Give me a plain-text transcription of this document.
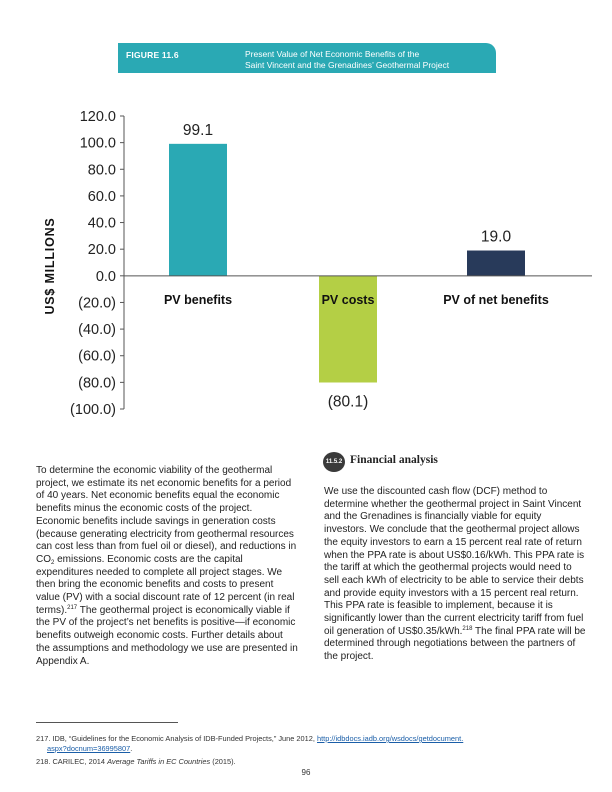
FIGURE 11.6	Present Value of Net Economic Benefits of the
Saint Vincent and the Grenadines’ Geothermal Project
120.0
100.0
80.0
60.0
40.0
20.0
0.0
(20.0)
(40.0)
(60.0)
(80.0)
(100.0)
99.1
(80.1)
19.0
PV benefits	PV costs	PV of net benefits
US$ MILLIONS
To determine the economic viability of the geothermal project, we estimate its net economic benefits for a period of 40 years. Net economic benefits equal the economic benefits minus the economic costs of the project. Economic benefits include savings in generation costs (because generating electricity from geothermal resources can cost less than from fuel oil or diesel), and reductions in $CO_2$ emissions. Economic costs are the capital expenditures needed to complete all project stages. We then bring the economic benefits and costs to present value (PV) with a social discount rate of 12 percent (in real terms).$^{217}$ The geothermal project is economically viable if the PV of the project’s net benefits is positive—if economic benefits outweigh economic costs. Further details about the assumptions and methodology we use are presented in Appendix A.
11.5.2 Financial analysis
We use the discounted cash flow (DCF) method to determine whether the geothermal project in Saint Vincent and the Grenadines is financially viable for equity investors. We conclude that the geothermal project allows the equity investors to earn a 15 percent real rate of return when the PPA rate is about US$0.16/kWh. This PPA rate is the tariff at which the geothermal projects would need to sell each kWh of electricity to be able to service their debts and provide equity investors with a 15 percent real return. This PPA rate is feasible to implement, because it is significantly lower than the current electricity tariff from fuel oil generation of US$0.35/kWh.$^{218}$ The final PPA rate will be determined through negotiations between the partners of the project.
217. IDB, “Guidelines for the Economic Analysis of IDB-Funded Projects,” June 2012, http://idbdocs.iadb.org/wsdocs/getdocument.
aspx?docnum=36995807.
218. CARILEC, 2014 Average Tariffs in EC Countries (2015).
96
